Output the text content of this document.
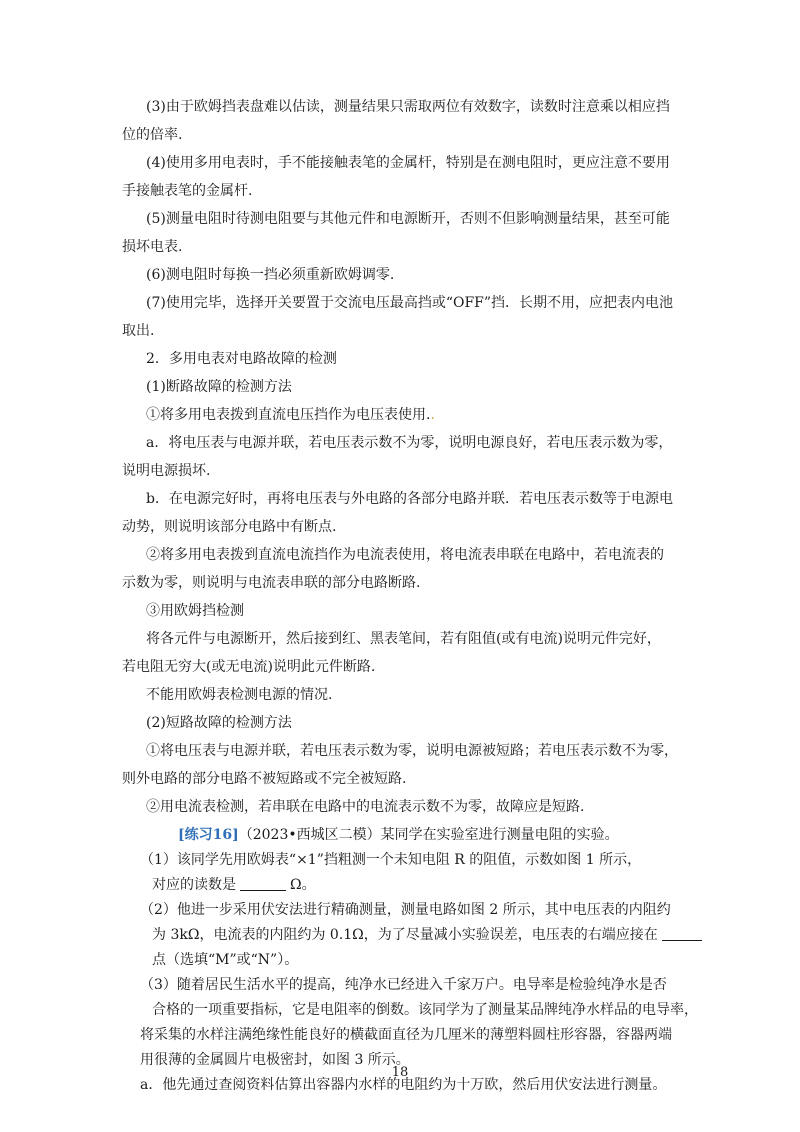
(3)由于欧姆挡表盘难以估读，测量结果只需取两位有效数字，读数时注意乘以相应挡
位的倍率.
(4)使用多用电表时，手不能接触表笔的金属杆，特别是在测电阻时，更应注意不要用
手接触表笔的金属杆.
(5)测量电阻时待测电阻要与其他元件和电源断开，否则不但影响测量结果，甚至可能
损坏电表.
(6)测电阻时每换一挡必须重新欧姆调零.
(7)使用完毕，选择开关要置于交流电压最高挡或“OFF”挡．长期不用，应把表内电池
取出.
2．多用电表对电路故障的检测
(1)断路故障的检测方法
①将多用电表拨到直流电压挡作为电压表使用..
a．将电压表与电源并联，若电压表示数不为零，说明电源良好，若电压表示数为零，
说明电源损坏.
b．在电源完好时，再将电压表与外电路的各部分电路并联．若电压表示数等于电源电
动势，则说明该部分电路中有断点.
②将多用电表拨到直流电流挡作为电流表使用，将电流表串联在电路中，若电流表的
示数为零，则说明与电流表串联的部分电路断路.
③用欧姆挡检测
将各元件与电源断开，然后接到红、黑表笔间，若有阻值(或有电流)说明元件完好，
若电阻无穷大(或无电流)说明此元件断路.
不能用欧姆表检测电源的情况.
(2)短路故障的检测方法
①将电压表与电源并联，若电压表示数为零，说明电源被短路；若电压表示数不为零，
则外电路的部分电路不被短路或不完全被短路.
②用电流表检测，若串联在电路中的电流表示数不为零，故障应是短路.
[练习16]（2023•西城区二模）某同学在实验室进行测量电阻的实验。
（1）该同学先用欧姆表“×1”挡粗测一个未知电阻 R 的阻值，示数如图 1 所示，
对应的读数是	Ω。
（2）他进一步采用伏安法进行精确测量，测量电路如图 2 所示，其中电压表的内阻约
为 3kΩ，电流表的内阻约为 0.1Ω，为了尽量减小实验误差，电压表的右端应接在
点（选填“M”或“N”）。
（3）随着居民生活水平的提高，纯净水已经进入千家万户。电导率是检验纯净水是否
合格的一项重要指标，它是电阻率的倒数。该同学为了测量某品牌纯净水样品的电导率，
将采集的水样注满绝缘性能良好的横截面直径为几厘米的薄塑料圆柱形容器，容器两端
用很薄的金属圆片电极密封，如图 3 所示。
a．他先通过查阅资料估算出容器内水样的电阻约为十万欧，然后用伏安法进行测量。
18
